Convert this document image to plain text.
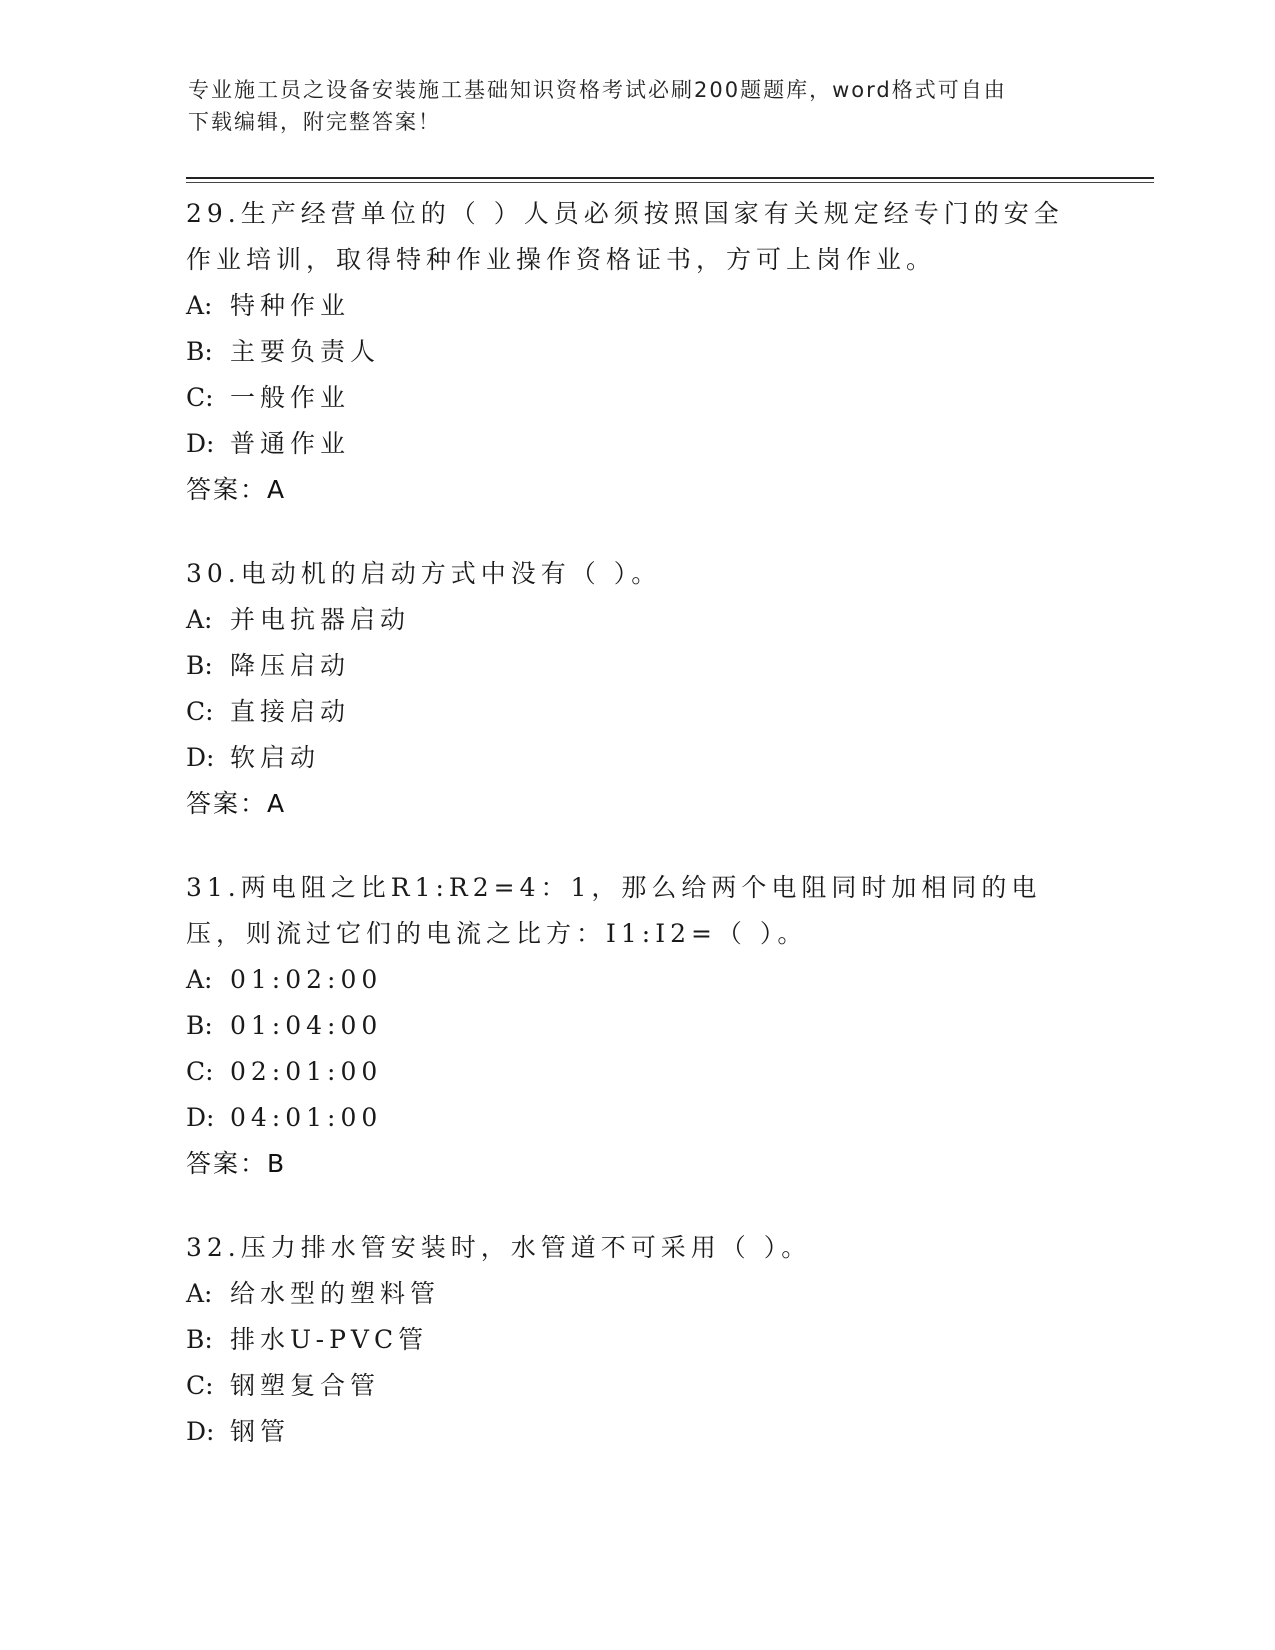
专业施工员之设备安装施工基础知识资格考试必刷200题题库，word格式可自由
下载编辑，附完整答案！
29.生产经营单位的（ ）人员必须按照国家有关规定经专门的安全作业培训，取得特种作业操作资格证书，方可上岗作业。
A: 特种作业
B: 主要负责人
C: 一般作业
D: 普通作业
答案：A
30.电动机的启动方式中没有（ ）。
A: 并电抗器启动
B: 降压启动
C: 直接启动
D: 软启动
答案：A
31.两电阻之比R1:R2=4：1，那么给两个电阻同时加相同的电压，则流过它们的电流之比方：I1:I2=（ ）。
A: 01:02:00
B: 01:04:00
C: 02:01:00
D: 04:01:00
答案：B
32.压力排水管安装时，水管道不可采用（ ）。
A: 给水型的塑料管
B: 排水U-PVC管
C: 钢塑复合管
D: 钢管
